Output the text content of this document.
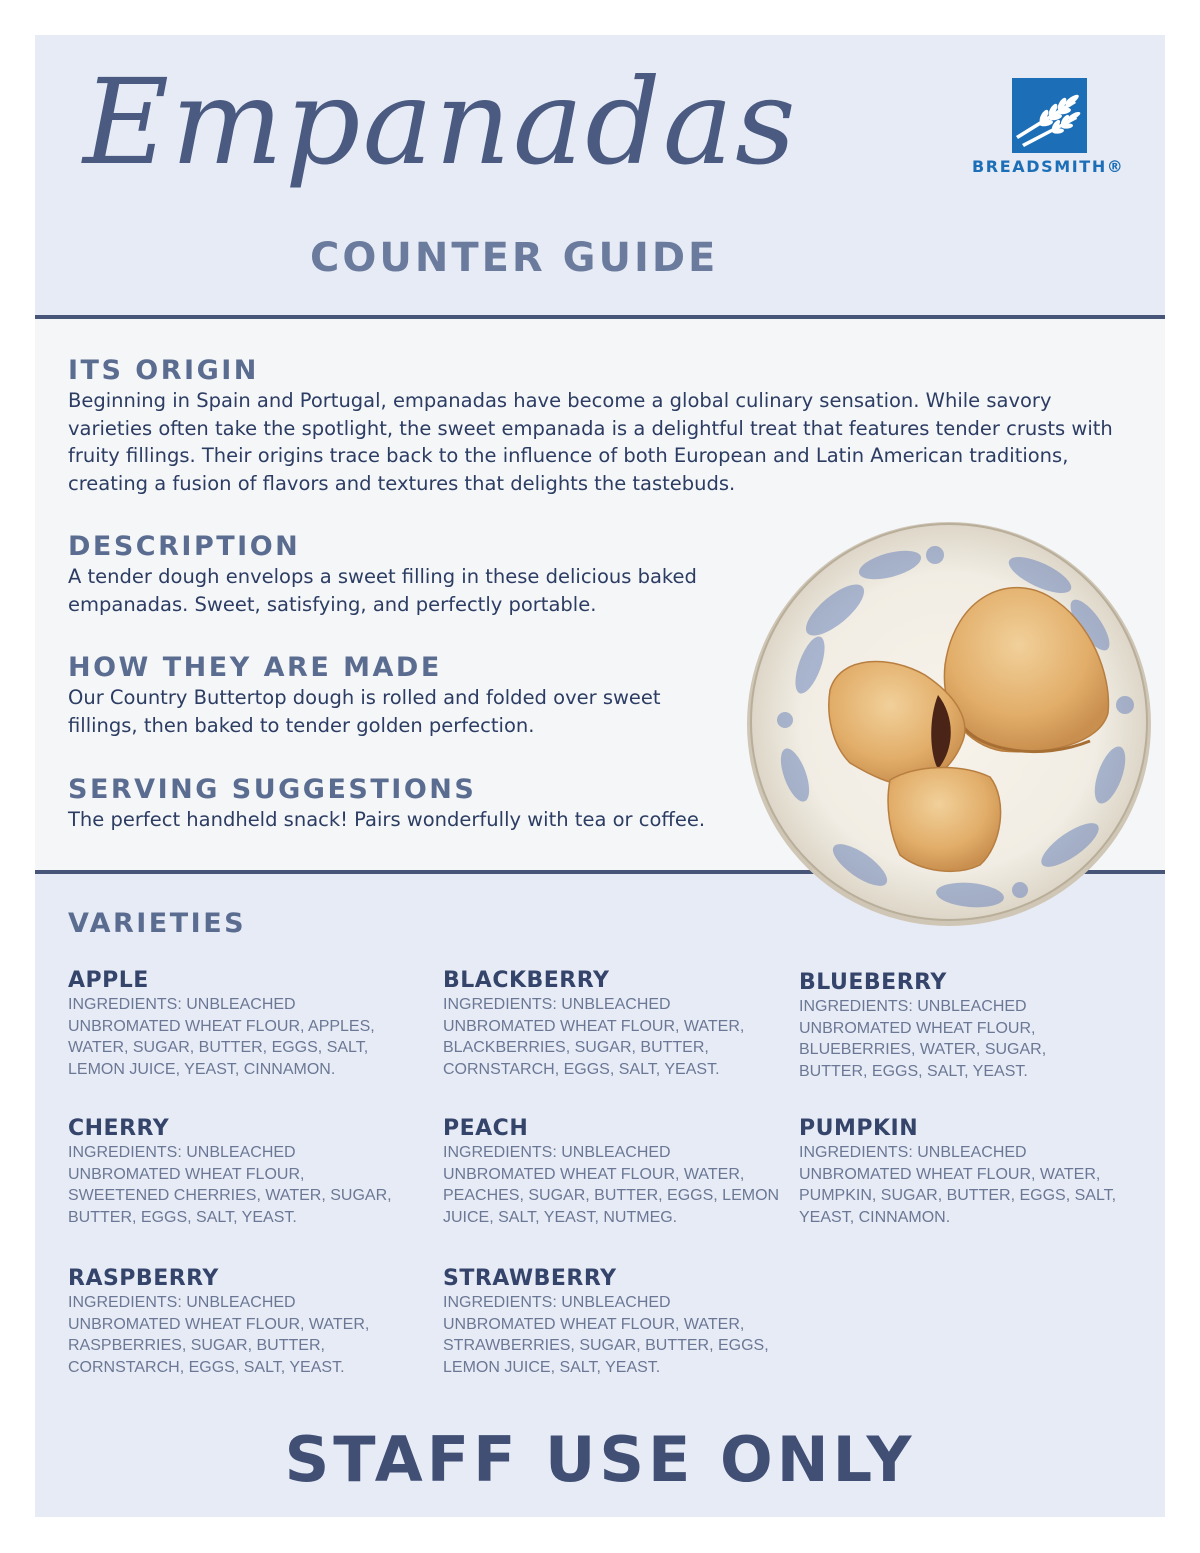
Empanadas
COUNTER GUIDE
BREADSMITH®

ITS ORIGIN

Beginning in Spain and Portugal, empanadas have become a global culinary sensation. While savory varieties often take the spotlight, the sweet empanada is a delightful treat that features tender crusts with fruity fillings. Their origins trace back to the influence of both European and Latin American traditions, creating a fusion of flavors and textures that delights the tastebuds.

DESCRIPTION

A tender dough envelops a sweet filling in these delicious baked empanadas. Sweet, satisfying, and perfectly portable.

HOW THEY ARE MADE

Our Country Buttertop dough is rolled and folded over sweet fillings, then baked to tender golden perfection.

SERVING SUGGESTIONS

The perfect handheld snack! Pairs wonderfully with tea or coffee.

VARIETIES

APPLE

INGREDIENTS: UNBLEACHED UNBROMATED WHEAT FLOUR, APPLES, WATER, SUGAR, BUTTER, EGGS, SALT, LEMON JUICE, YEAST, CINNAMON.

BLACKBERRY

INGREDIENTS: UNBLEACHED UNBROMATED WHEAT FLOUR, WATER, BLACKBERRIES, SUGAR, BUTTER, CORNSTARCH, EGGS, SALT, YEAST.

BLUEBERRY

INGREDIENTS: UNBLEACHED UNBROMATED WHEAT FLOUR, BLUEBERRIES, WATER, SUGAR, BUTTER, EGGS, SALT, YEAST.

CHERRY

INGREDIENTS: UNBLEACHED UNBROMATED WHEAT FLOUR, SWEETENED CHERRIES, WATER, SUGAR, BUTTER, EGGS, SALT, YEAST.

PEACH

INGREDIENTS: UNBLEACHED UNBROMATED WHEAT FLOUR, WATER, PEACHES, SUGAR, BUTTER, EGGS, LEMON JUICE, SALT, YEAST, NUTMEG.

PUMPKIN

INGREDIENTS: UNBLEACHED UNBROMATED WHEAT FLOUR, WATER, PUMPKIN, SUGAR, BUTTER, EGGS, SALT, YEAST, CINNAMON.

RASPBERRY

INGREDIENTS: UNBLEACHED UNBROMATED WHEAT FLOUR, WATER, RASPBERRIES, SUGAR, BUTTER, CORNSTARCH, EGGS, SALT, YEAST.

STRAWBERRY

INGREDIENTS: UNBLEACHED UNBROMATED WHEAT FLOUR, WATER, STRAWBERRIES, SUGAR, BUTTER, EGGS, LEMON JUICE, SALT, YEAST.

STAFF USE ONLY
